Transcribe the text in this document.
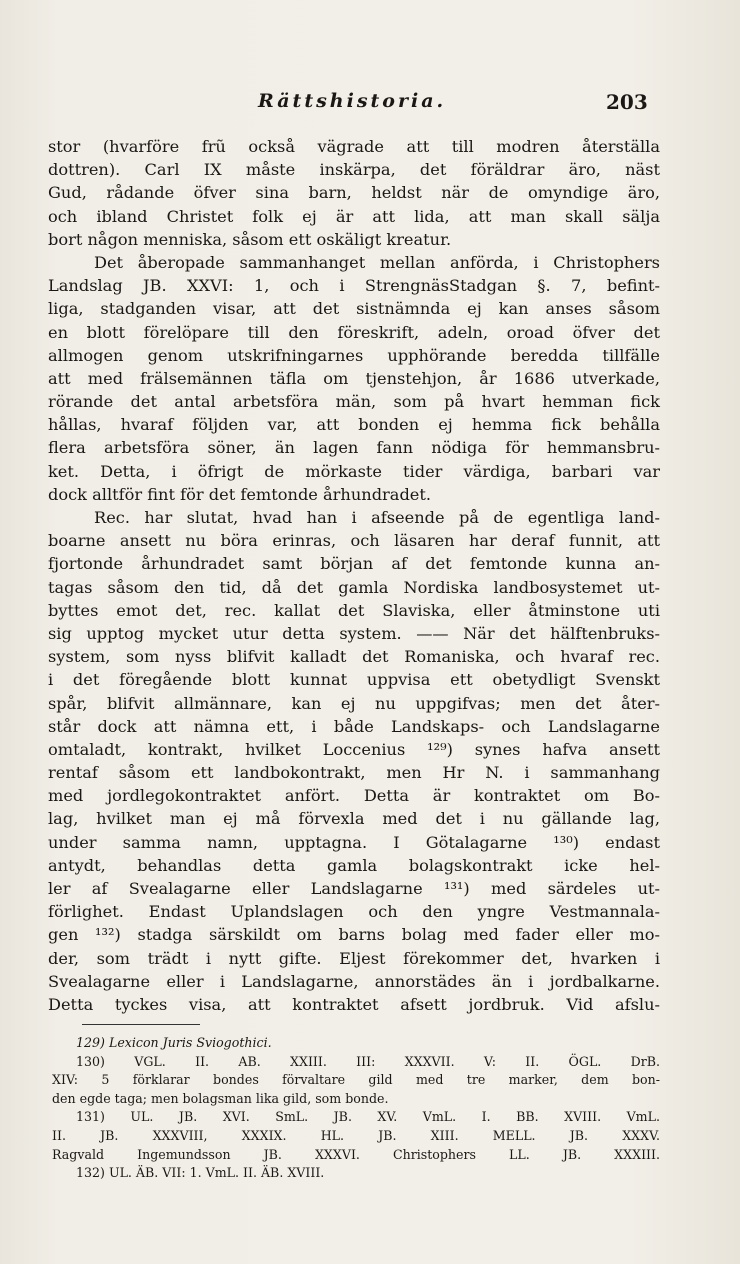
Rättshistoria.	203
stor (hvarföre frũ också vägrade att till modren återställa
dottren). Carl IX måste inskärpa, det föräldrar äro, näst
Gud, rådande öfver sina barn, heldst när de omyndige äro,
och ibland Christet folk ej är att lida, att man skall sälja
bort någon menniska, såsom ett oskäligt kreatur.
Det åberopade sammanhanget mellan anförda, i Christophers
Landslag JB. XXVI: 1, och i StrengnäsStadgan §. 7, befint-
liga, stadganden visar, att det sistnämnda ej kan anses såsom
en blott förelöpare till den föreskrift, adeln, oroad öfver det
allmogen genom utskrifningarnes upphörande beredda tillfälle
att med frälsemännen täfla om tjenstehjon, år 1686 utverkade,
rörande det antal arbetsföra män, som på hvart hemman fick
hållas, hvaraf följden var, att bonden ej hemma fick behålla
flera arbetsföra söner, än lagen fann nödiga för hemmansbru-
ket. Detta, i öfrigt de mörkaste tider värdiga, barbari var
dock alltför fint för det femtonde århundradet.
Rec. har slutat, hvad han i afseende på de egentliga land-
boarne ansett nu böra erinras, och läsaren har deraf funnit, att
fjortonde århundradet samt början af det femtonde kunna an-
tagas såsom den tid, då det gamla Nordiska landbosystemet ut-
byttes emot det, rec. kallat det Slaviska, eller åtminstone uti
sig upptog mycket utur detta system. —— När det hälftenbruks-
system, som nyss blifvit kalladt det Romaniska, och hvaraf rec.
i det föregående blott kunnat uppvisa ett obetydligt Svenskt
spår, blifvit allmännare, kan ej nu uppgifvas; men det åter-
står dock att nämna ett, i både Landskaps- och Landslagarne
omtaladt, kontrakt, hvilket Loccenius ¹²⁹) synes hafva ansett
rentaf såsom ett landbokontrakt, men Hr N. i sammanhang
med jordlegokontraktet anfört. Detta är kontraktet om Bo-
lag, hvilket man ej må förvexla med det i nu gällande lag,
under samma namn, upptagna. I Götalagarne ¹³⁰) endast
antydt, behandlas detta gamla bolagskontrakt icke hel-
ler af Svealagarne eller Landslagarne ¹³¹) med särdeles ut-
förlighet. Endast Uplandslagen och den yngre Vestmannala-
gen ¹³²) stadga särskildt om barns bolag med fader eller mo-
der, som trädt i nytt gifte. Eljest förekommer det, hvarken i
Svealagarne eller i Landslagarne, annorstädes än i jordbalkarne.
Detta tyckes visa, att kontraktet afsett jordbruk. Vid afslu-
129) Lexicon Juris Sviogothici.
130) VGL. II. AB. XXIII. III: XXXVII. V: II. ÖGL. DrB.
XIV: 5 förklarar bondes förvaltare gild med tre marker, dem bon-
den egde taga; men bolagsman lika gild, som bonde.
131) UL. JB. XVI. SmL. JB. XV. VmL. I. BB. XVIII. VmL.
II. JB. XXXVIII, XXXIX. HL. JB. XIII. MELL. JB. XXXV.
Ragvald Ingemundsson JB. XXXVI. Christophers LL. JB. XXXIII.
132) UL. ÄB. VII: 1. VmL. II. ÄB. XVIII.
